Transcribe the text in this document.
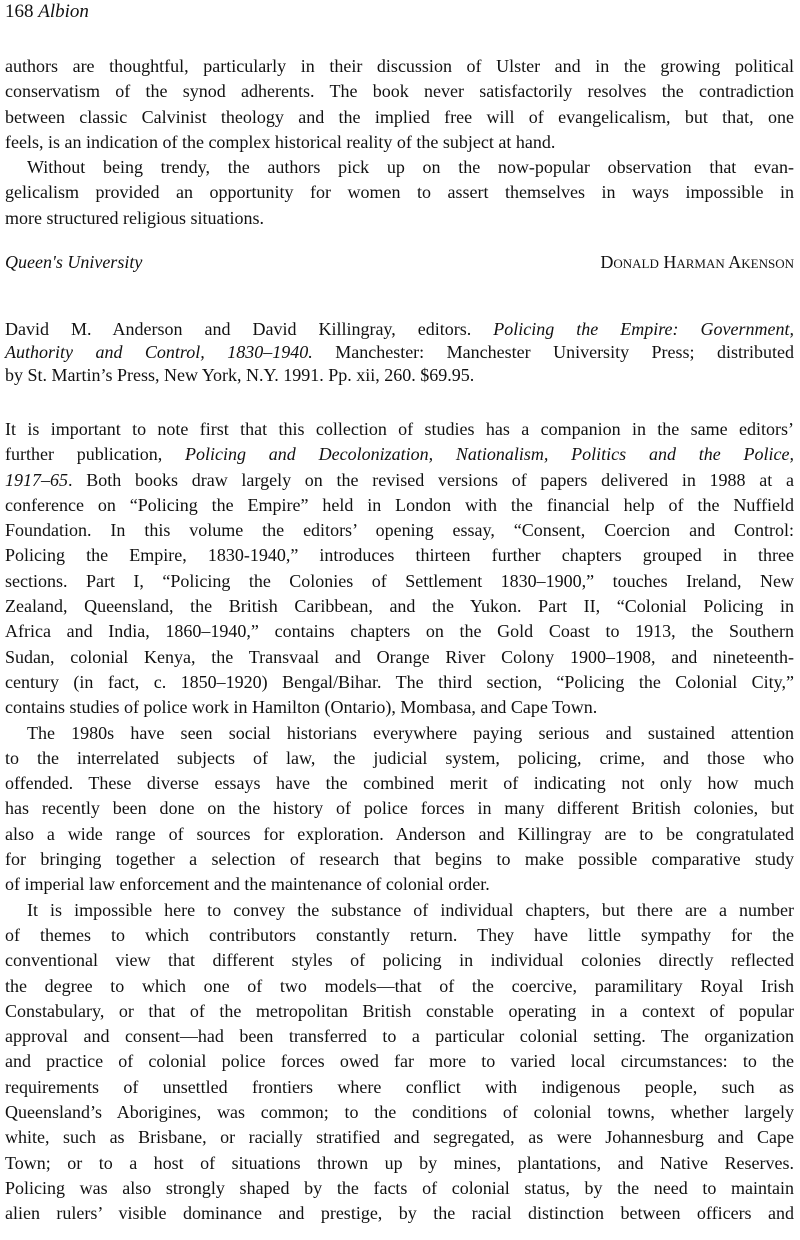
168 Albion
authors are thoughtful, particularly in their discussion of Ulster and in the growing political
conservatism of the synod adherents. The book never satisfactorily resolves the contradiction
between classic Calvinist theology and the implied free will of evangelicalism, but that, one
feels, is an indication of the complex historical reality of the subject at hand.
Without being trendy, the authors pick up on the now-popular observation that evan-
gelicalism provided an opportunity for women to assert themselves in ways impossible in
more structured religious situations.
Queen's University	Donald Harman Akenson
David M. Anderson and David Killingray, editors. Policing the Empire: Government,
Authority and Control, 1830–1940. Manchester: Manchester University Press; distributed
by St. Martin’s Press, New York, N.Y. 1991. Pp. xii, 260. $69.95.
It is important to note first that this collection of studies has a companion in the same editors’
further publication, Policing and Decolonization, Nationalism, Politics and the Police,
1917–65. Both books draw largely on the revised versions of papers delivered in 1988 at a
conference on “Policing the Empire” held in London with the financial help of the Nuffield
Foundation. In this volume the editors’ opening essay, “Consent, Coercion and Control:
Policing the Empire, 1830-1940,” introduces thirteen further chapters grouped in three
sections. Part I, “Policing the Colonies of Settlement 1830–1900,” touches Ireland, New
Zealand, Queensland, the British Caribbean, and the Yukon. Part II, “Colonial Policing in
Africa and India, 1860–1940,” contains chapters on the Gold Coast to 1913, the Southern
Sudan, colonial Kenya, the Transvaal and Orange River Colony 1900–1908, and nineteenth-
century (in fact, c. 1850–1920) Bengal/Bihar. The third section, “Policing the Colonial City,”
contains studies of police work in Hamilton (Ontario), Mombasa, and Cape Town.
The 1980s have seen social historians everywhere paying serious and sustained attention
to the interrelated subjects of law, the judicial system, policing, crime, and those who
offended. These diverse essays have the combined merit of indicating not only how much
has recently been done on the history of police forces in many different British colonies, but
also a wide range of sources for exploration. Anderson and Killingray are to be congratulated
for bringing together a selection of research that begins to make possible comparative study
of imperial law enforcement and the maintenance of colonial order.
It is impossible here to convey the substance of individual chapters, but there are a number
of themes to which contributors constantly return. They have little sympathy for the
conventional view that different styles of policing in individual colonies directly reflected
the degree to which one of two models—that of the coercive, paramilitary Royal Irish
Constabulary, or that of the metropolitan British constable operating in a context of popular
approval and consent—had been transferred to a particular colonial setting. The organization
and practice of colonial police forces owed far more to varied local circumstances: to the
requirements of unsettled frontiers where conflict with indigenous people, such as
Queensland’s Aborigines, was common; to the conditions of colonial towns, whether largely
white, such as Brisbane, or racially stratified and segregated, as were Johannesburg and Cape
Town; or to a host of situations thrown up by mines, plantations, and Native Reserves.
Policing was also strongly shaped by the facts of colonial status, by the need to maintain
alien rulers’ visible dominance and prestige, by the racial distinction between officers and
